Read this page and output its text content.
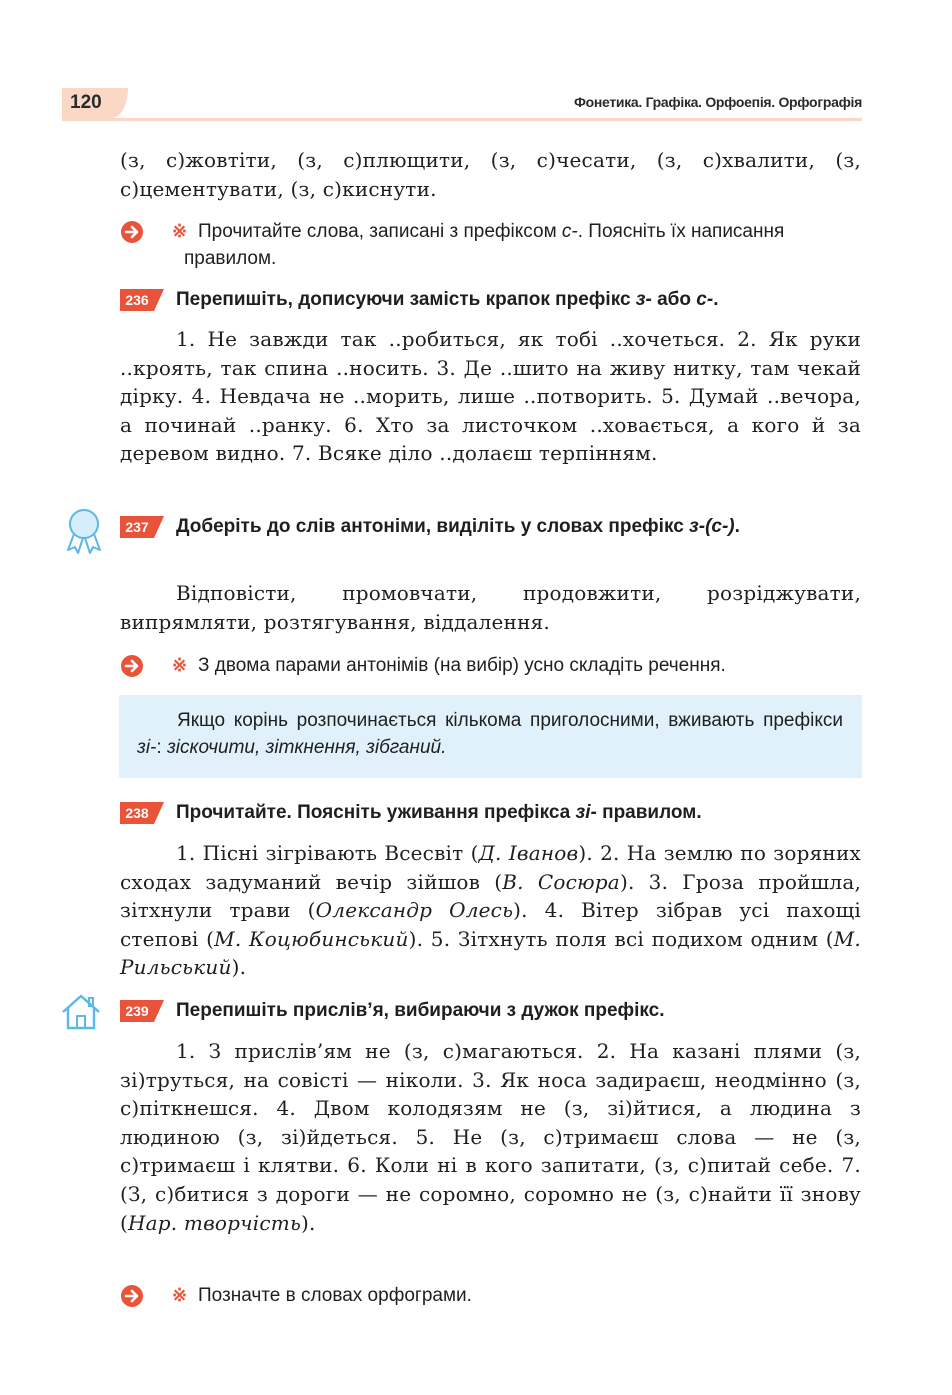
120	Фонетика. Графіка. Орфоепія. Орфографія

(з, с)жовтіти, (з, с)плющити, (з, с)чесати, (з, с)хвалити, (з, с)цементувати, (з, с)киснути.

※ Прочитайте слова, записані з префіксом с-. Поясніть їх написання правилом.
236 Перепишіть, дописуючи замість крапок префікс з- або с-.

1. Не завжди так ..робиться, як тобі ..хочеться. 2. Як руки ..кроять, так спина ..носить. 3. Де ..шито на живу нитку, там чекай дірку. 4. Невдача не ..морить, лише ..потворить. 5. Думай ..вечора, а починай ..ранку. 6. Хто за листочком ..ховається, а кого й за деревом видно. 7. Всяке діло ..долаєш терпінням.

237 Доберіть до слів антоніми, виділіть у словах префікс з-(с-).

Відповісти, промовчати, продовжити, розріджувати, випрямляти, розтягування, віддалення.

※ З двома парами антонімів (на вибір) усно складіть речення.

Якщо корінь розпочинається кількома приголосними, вживають префікси зі-: зіскочити, зіткнення, зібганий.

238 Прочитайте. Поясніть уживання префікса зі- правилом.

1. Пісні зігрівають Всесвіт (Д. Іванов). 2. На землю по зоряних сходах задуманий вечір зійшов (В. Сосюра). 3. Гроза пройшла, зітхнули трави (Олександр Олесь). 4. Вітер зібрав усі пахощі степові (М. Коцюбинський). 5. Зітхнуть поля всі подихом одним (М. Рильський).

239 Перепишіть прислів’я, вибираючи з дужок префікс.

1. З прислів’ям не (з, с)магаються. 2. На казані плями (з, зі)труться, на совісті — ніколи. 3. Як носа задираєш, неодмінно (з, с)піткнешся. 4. Двом колодязям не (з, зі)йтися, а людина з людиною (з, зі)йдеться. 5. Не (з, с)тримаєш слова — не (з, с)тримаєш і клятви. 6. Коли ні в кого запитати, (з, с)питай себе. 7. (З, с)битися з дороги — не соромно, соромно не (з, с)найти її знову (Нар. творчість).

※ Позначте в словах орфограми.
